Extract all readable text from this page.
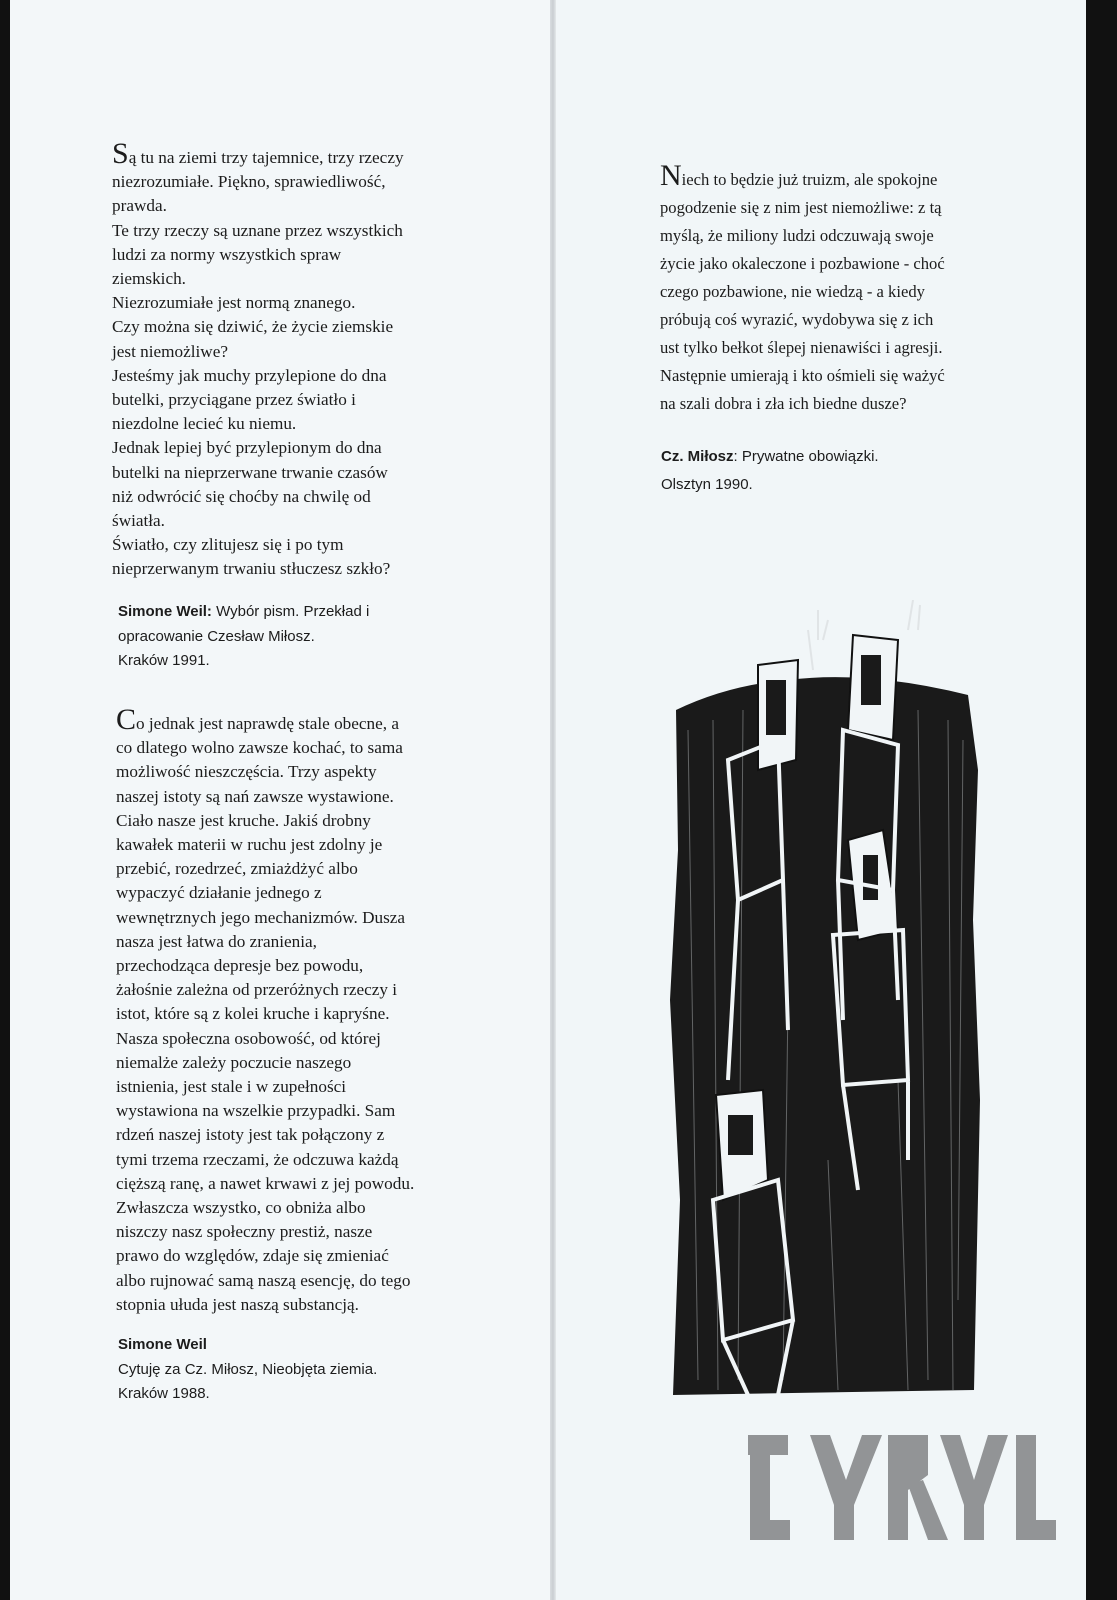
Są tu na ziemi trzy tajemnice, trzy rzeczy
niezrozumiałe. Piękno, sprawiedliwość,
prawda.
Te trzy rzeczy są uznane przez wszystkich
ludzi za normy wszystkich spraw
ziemskich.
Niezrozumiałe jest normą znanego.
Czy można się dziwić, że życie ziemskie
jest niemożliwe?
Jesteśmy jak muchy przylepione do dna
butelki, przyciągane przez światło i
niezdolne lecieć ku niemu.
Jednak lepiej być przylepionym do dna
butelki na nieprzerwane trwanie czasów
niż odwrócić się choćby na chwilę od
światła.
Światło, czy zlitujesz się i po tym
nieprzerwanym trwaniu stłuczesz szkło?
Simone Weil: Wybór pism. Przekład i
opracowanie Czesław Miłosz.
Kraków 1991.
Co jednak jest naprawdę stale obecne, a
co dlatego wolno zawsze kochać, to sama
możliwość nieszczęścia. Trzy aspekty
naszej istoty są nań zawsze wystawione.
Ciało nasze jest kruche. Jakiś drobny
kawałek materii w ruchu jest zdolny je
przebić, rozedrzeć, zmiażdżyć albo
wypaczyć działanie jednego z
wewnętrznych jego mechanizmów. Dusza
nasza jest łatwa do zranienia,
przechodząca depresje bez powodu,
żałośnie zależna od przeróżnych rzeczy i
istot, które są z kolei kruche i kapryśne.
Nasza społeczna osobowość, od której
niemalże zależy poczucie naszego
istnienia, jest stale i w zupełności
wystawiona na wszelkie przypadki. Sam
rdzeń naszej istoty jest tak połączony z
tymi trzema rzeczami, że odczuwa każdą
cięższą ranę, a nawet krwawi z jej powodu.
Zwłaszcza wszystko, co obniża albo
niszczy nasz społeczny prestiż, nasze
prawo do względów, zdaje się zmieniać
albo rujnować samą naszą esencję, do tego
stopnia ułuda jest naszą substancją.
Simone Weil
Cytuję za Cz. Miłosz, Nieobjęta ziemia.
Kraków 1988.
Niech to będzie już truizm, ale spokojne
pogodzenie się z nim jest niemożliwe: z tą
myślą, że miliony ludzi odczuwają swoje
życie jako okaleczone i pozbawione - choć
czego pozbawione, nie wiedzą - a kiedy
próbują coś wyrazić, wydobywa się z ich
ust tylko bełkot ślepej nienawiści i agresji.
Następnie umierają i kto ośmieli się ważyć
na szali dobra i zła ich biedne dusze?
Cz. Miłosz: Prywatne obowiązki.
Olsztyn 1990.
